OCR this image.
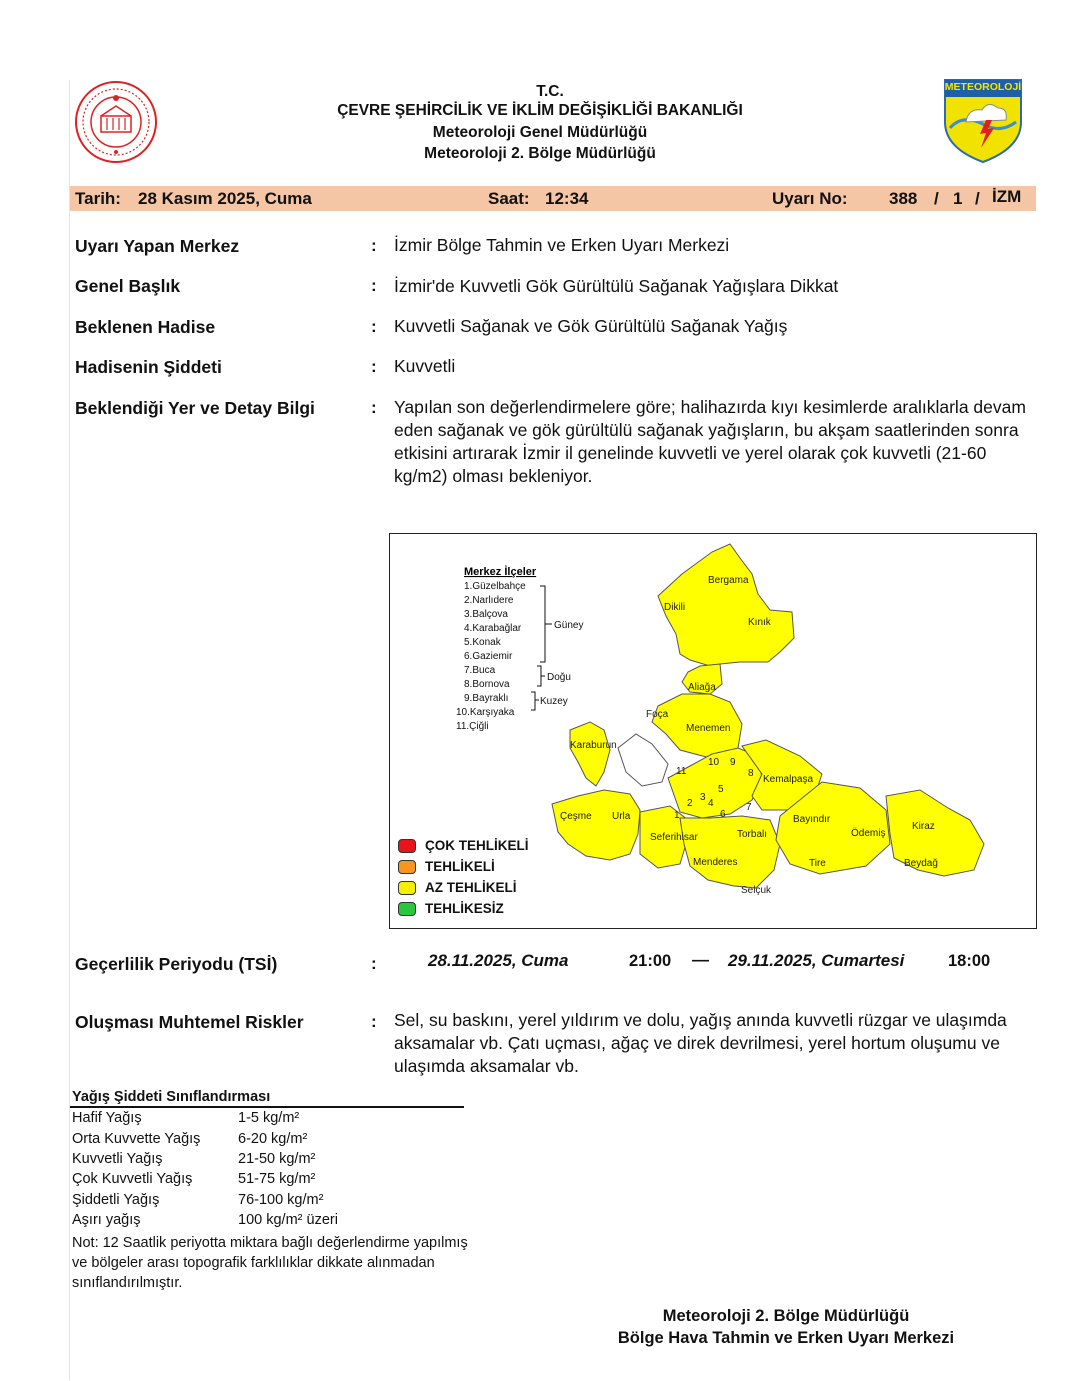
T.C.
ÇEVRE ŞEHİRCİLİK VE İKLİM DEĞİŞİKLİĞİ BAKANLIĞI
Meteoroloji Genel Müdürlüğü
Meteoroloji 2. Bölge Müdürlüğü
METEOROLOJİ
Tarih: 28 Kasım 2025, Cuma	Saat: 12:34	Uyarı No: 388 / 1 / İZM
Uyarı Yapan Merkez	: İzmir Bölge Tahmin ve Erken Uyarı Merkezi
Genel Başlık	: İzmir'de Kuvvetli Gök Gürültülü Sağanak Yağışlara Dikkat
Beklenen Hadise	: Kuvvetli Sağanak ve Gök Gürültülü Sağanak Yağış
Hadisenin Şiddeti	: Kuvvetli
Beklendiği Yer ve Detay Bilgi	: Yapılan son değerlendirmelere göre; halihazırda kıyı kesimlerde aralıklarla devam eden sağanak ve gök gürültülü sağanak yağışların, bu akşam saatlerinden sonra etkisini artırarak İzmir il genelinde kuvvetli ve yerel olarak çok kuvvetli (21-60 kg/m2) olması bekleniyor.
Merkez İlçeler
1.Güzelbahçe
2.Narlıdere
3.Balçova
4.Karabağlar
5.Konak
6.Gaziemir
7.Buca
8.Bornova
9.Bayraklı
10.Karşıyaka
11.Çiğli
Güney
Doğu
Kuzey
Bergama
Dikili
Kınık
Aliağa
Foça
Menemen
Karaburun
Kemalpaşa
Çeşme Urla
Seferihisar	Torbalı
Bayındır
Ödemiş
Kiraz
Menderes	Tire	Beydağ
Selçuk
1
2
3
4
5
6
7
8
9
10
11
ÇOK TEHLİKELİ
TEHLİKELİ
AZ TEHLİKELİ
TEHLİKESİZ
Geçerlilik Periyodu (TSİ)	:	28.11.2025, Cuma	21:00 — 29.11.2025, Cumartesi	18:00
Oluşması Muhtemel Riskler	: Sel, su baskını, yerel yıldırım ve dolu, yağış anında kuvvetli rüzgar ve ulaşımda aksamalar vb. Çatı uçması, ağaç ve direk devrilmesi, yerel hortum oluşumu ve ulaşımda aksamalar vb.
Yağış Şiddeti Sınıflandırması
Hafif Yağış	1-5 kg/m²
Orta Kuvvette Yağış	6-20 kg/m²
Kuvvetli Yağış	21-50 kg/m²
Çok Kuvvetli Yağış	51-75 kg/m²
Şiddetli Yağış	76-100 kg/m²
Aşırı yağış	100 kg/m² üzeri
Not: 12 Saatlik periyotta miktara bağlı değerlendirme yapılmış ve bölgeler arası topografik farklılıklar dikkate alınmadan sınıflandırılmıştır.
Meteoroloji 2. Bölge Müdürlüğü
Bölge Hava Tahmin ve Erken Uyarı Merkezi
